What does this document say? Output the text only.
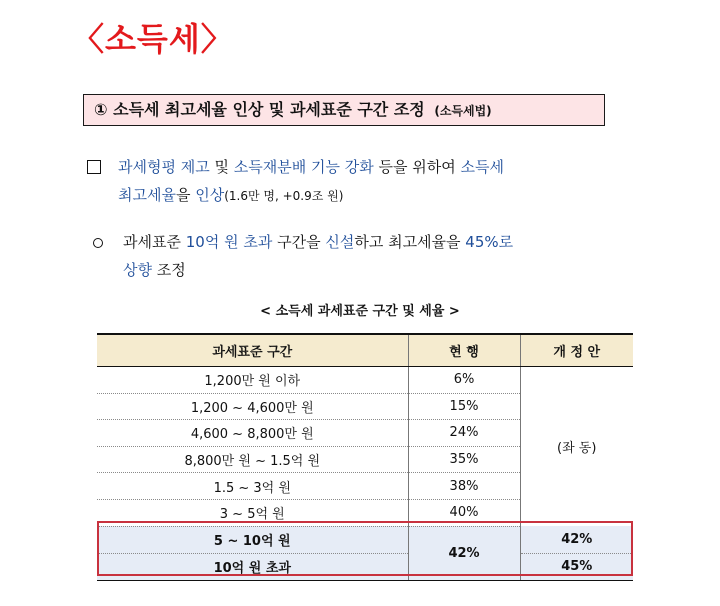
〈소득세〉
① 소득세 최고세율 인상 및 과세표준 구간 조정 (소득세법)
과세형평 제고 및 소득재분배 기능 강화 등을 위하여 소득세
최고세율을 인상(1.6만 명, +0.9조 원)
과세표준 10억 원 초과 구간을 신설하고 최고세율을 45%로
상향 조정
< 소득세 과세표준 구간 및 세율 >
과세표준 구간	현 행	개 정 안
1,200만 원 이하	6%	(좌 동)
1,200 ~ 4,600만 원	15%	
4,600 ~ 8,800만 원	24%	
8,800만 원 ~ 1.5억 원	35%	
1.5 ~ 3억 원	38%	
3 ~ 5억 원	40%	
5 ~ 10억 원	42%	42%
10억 원 초과		45%
